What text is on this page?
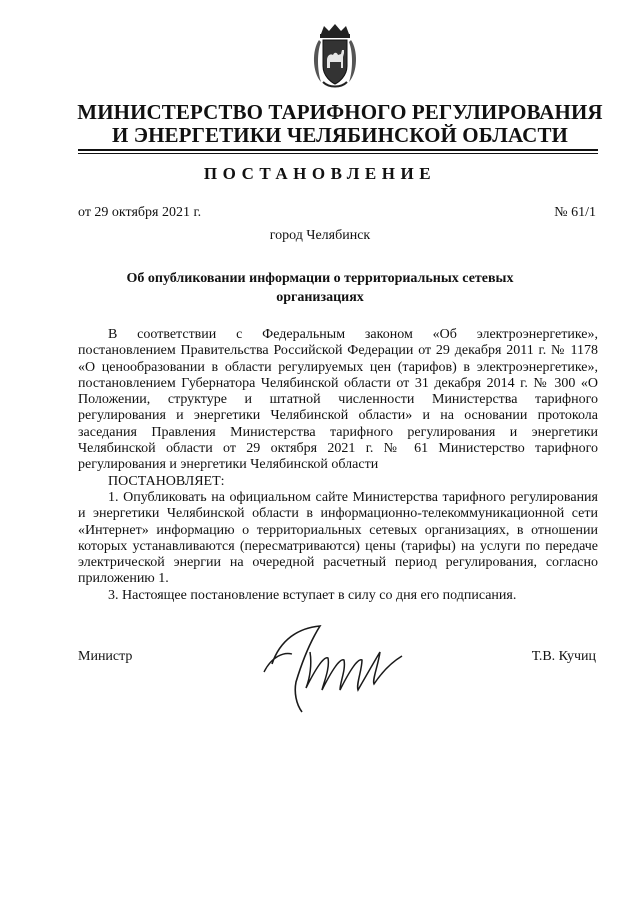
МИНИСТЕРСТВО ТАРИФНОГО РЕГУЛИРОВАНИЯ
И ЭНЕРГЕТИКИ ЧЕЛЯБИНСКОЙ ОБЛАСТИ
ПОСТАНОВЛЕНИЕ
от 29 октября 2021 г.	№ 61/1
город Челябинск
Об опубликовании информации о территориальных сетевых
организациях

В соответствии с Федеральным законом «Об электроэнергетике», постановлением Правительства Российской Федерации от 29 декабря 2011 г. № 1178 «О ценообразовании в области регулируемых цен (тарифов) в электроэнергетике», постановлением Губернатора Челябинской области от 31 декабря 2014 г. № 300 «О Положении, структуре и штатной численности Министерства тарифного регулирования и энергетики Челябинской области» и на основании протокола заседания Правления Министерства тарифного регулирования и энергетики Челябинской области от 29 октября 2021 г. № 61 Министерство тарифного регулирования и энергетики Челябинской области

ПОСТАНОВЛЯЕТ:

1. Опубликовать на официальном сайте Министерства тарифного регулирования и энергетики Челябинской области в информационно-телекоммуникационной сети «Интернет» информацию о территориальных сетевых организациях, в отношении которых устанавливаются (пересматриваются) цены (тарифы) на услуги по передаче электрической энергии на очередной расчетный период регулирования, согласно приложению 1.

3. Настоящее постановление вступает в силу со дня его подписания.

Министр	Т.В. Кучиц
